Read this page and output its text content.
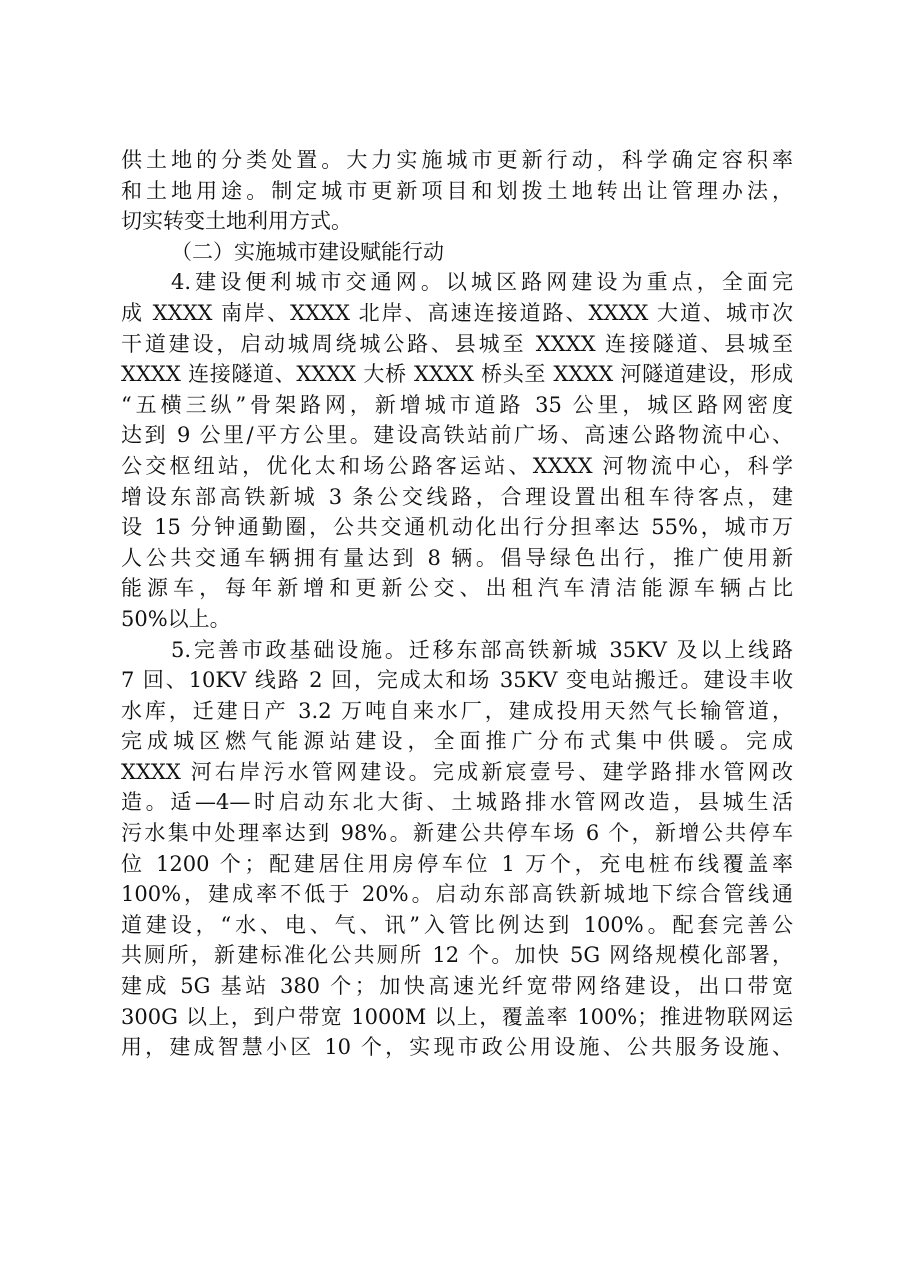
供土地的分类处置。大力实施城市更新行动，科学确定容积率
和土地用途。制定城市更新项目和划拨土地转出让管理办法，
切实转变土地利用方式。
（二）实施城市建设赋能行动
4.建设便利城市交通网。以城区路网建设为重点，全面完
成 XXXX 南岸、XXXX 北岸、高速连接道路、XXXX 大道、城市次
干道建设，启动城周绕城公路、县城至 XXXX 连接隧道、县城至
XXXX 连接隧道、XXXX 大桥 XXXX 桥头至 XXXX 河隧道建设，形成
“五横三纵”骨架路网，新增城市道路 35 公里，城区路网密度
达到 9 公里/平方公里。建设高铁站前广场、高速公路物流中心、
公交枢纽站，优化太和场公路客运站、XXXX 河物流中心，科学
增设东部高铁新城 3 条公交线路，合理设置出租车待客点，建
设 15 分钟通勤圈，公共交通机动化出行分担率达 55%，城市万
人公共交通车辆拥有量达到 8 辆。倡导绿色出行，推广使用新
能源车，每年新增和更新公交、出租汽车清洁能源车辆占比
50%以上。
5.完善市政基础设施。迁移东部高铁新城 35KV 及以上线路
7 回、10KV 线路 2 回，完成太和场 35KV 变电站搬迁。建设丰收
水库，迁建日产 3.2 万吨自来水厂，建成投用天然气长输管道，
完成城区燃气能源站建设，全面推广分布式集中供暖。完成
XXXX 河右岸污水管网建设。完成新宸壹号、建学路排水管网改
造。适—4—时启动东北大街、土城路排水管网改造，县城生活
污水集中处理率达到 98%。新建公共停车场 6 个，新增公共停车
位 1200 个；配建居住用房停车位 1 万个，充电桩布线覆盖率
100%，建成率不低于 20%。启动东部高铁新城地下综合管线通
道建设，“水、电、气、讯”入管比例达到 100%。配套完善公
共厕所，新建标准化公共厕所 12 个。加快 5G 网络规模化部署，
建成 5G 基站 380 个；加快高速光纤宽带网络建设，出口带宽
300G 以上，到户带宽 1000M 以上，覆盖率 100%；推进物联网运
用，建成智慧小区 10 个，实现市政公用设施、公共服务设施、
